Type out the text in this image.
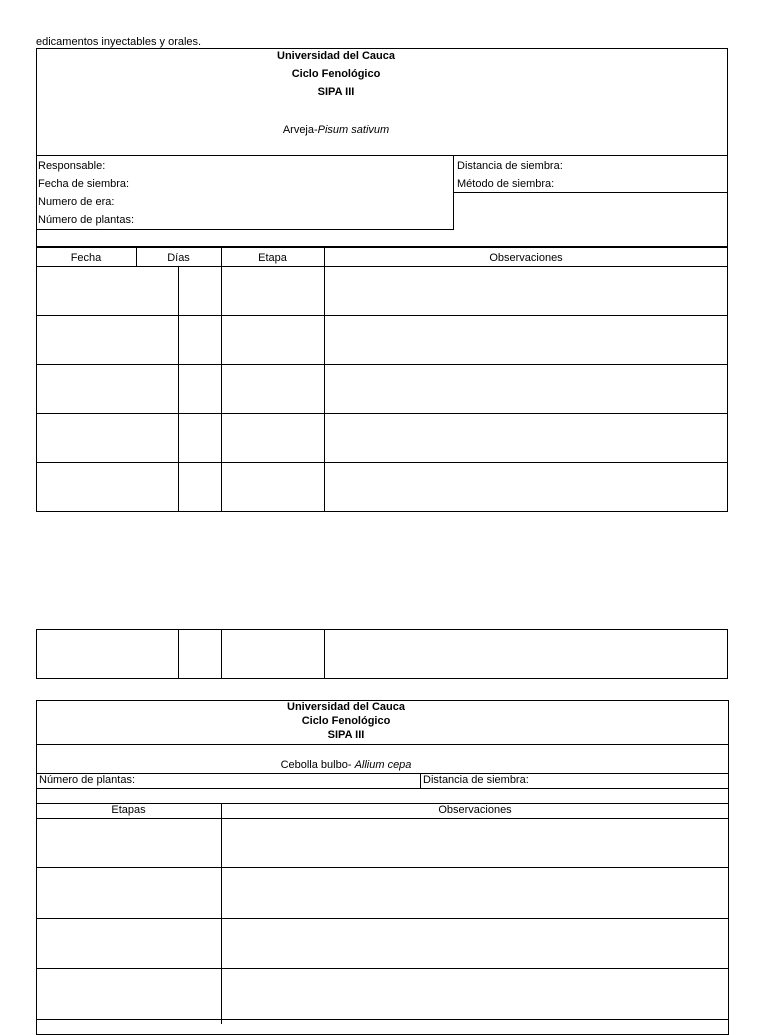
edicamentos inyectables y orales.
Universidad del Cauca
Ciclo Fenológico
SIPA III
Arveja-Pisum sativum
Responsable:
Fecha de siembra:
Numero de era:
Número de plantas:
Distancia de siembra:
Método de siembra:
Fecha	Días	Etapa	Observaciones
Universidad del Cauca
Ciclo Fenológico
SIPA III
Cebolla bulbo- Allium cepa
Número de plantas:	Distancia de siembra:
Etapas	Observaciones
